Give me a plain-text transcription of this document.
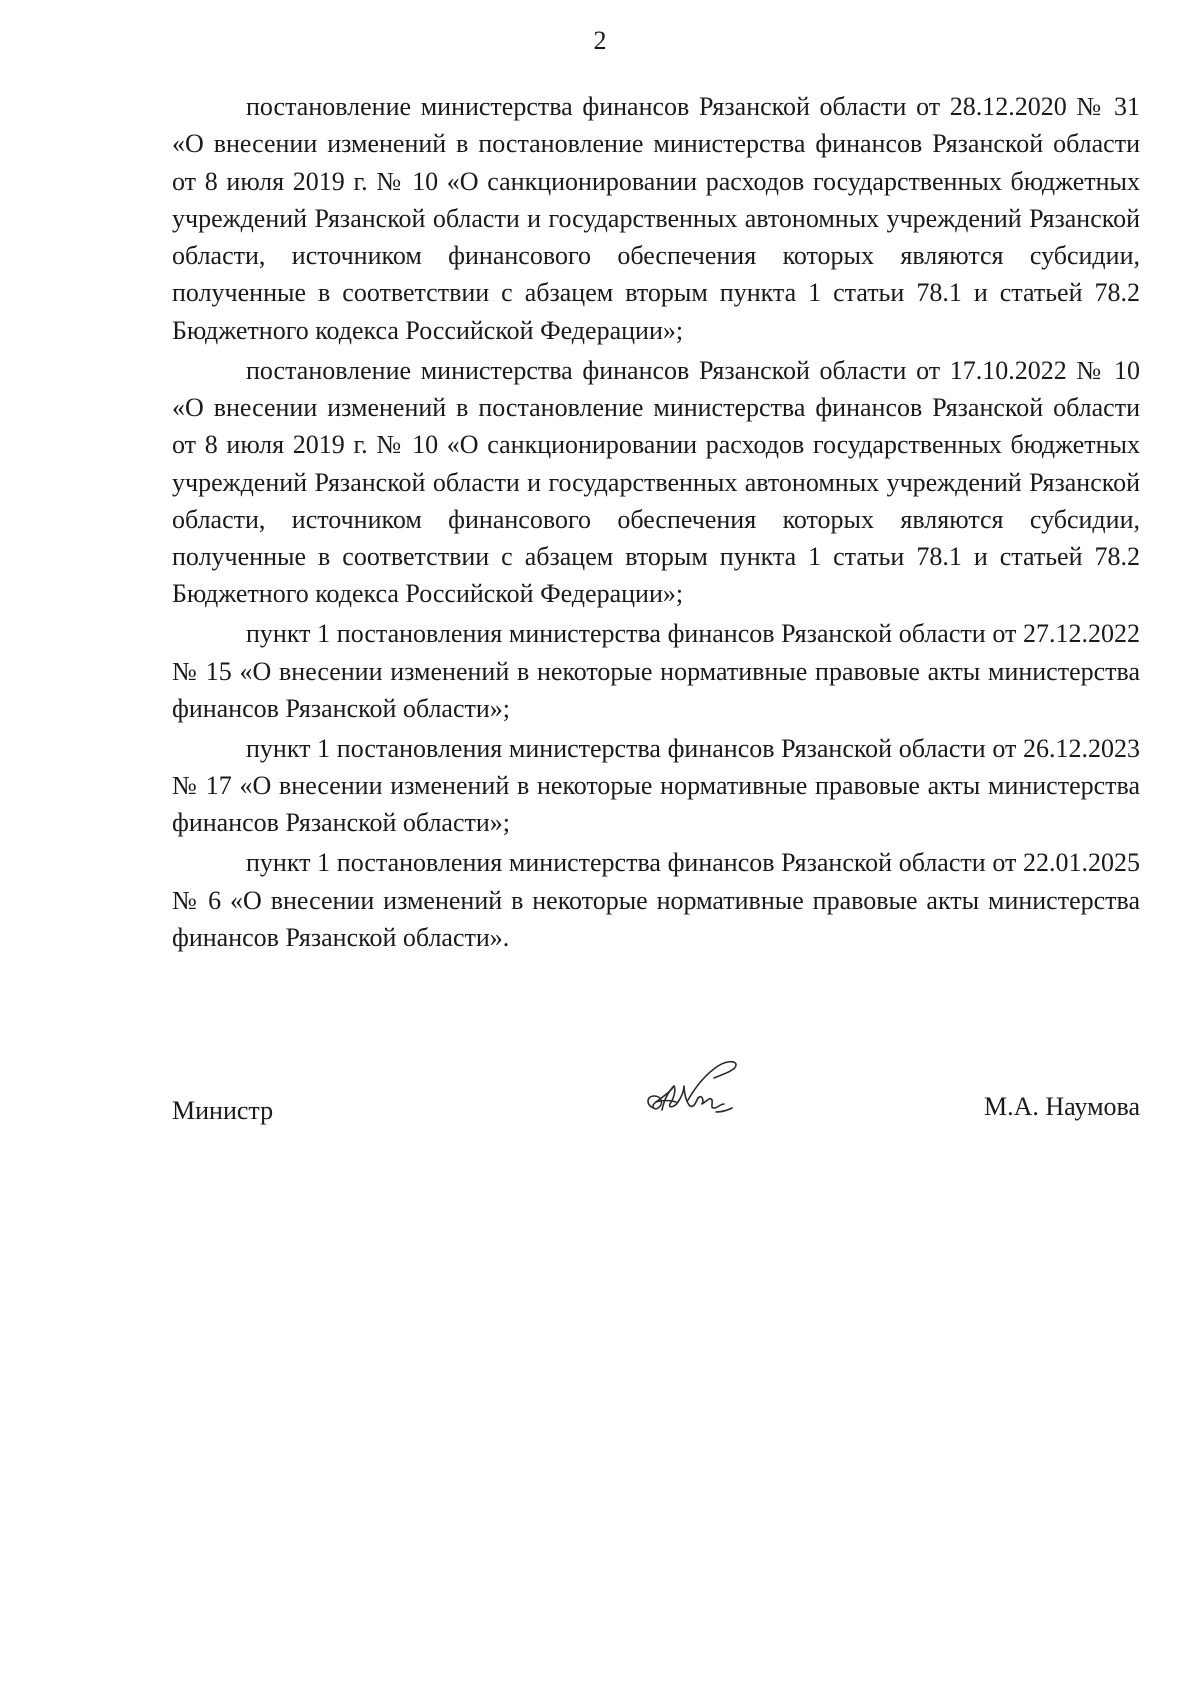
2

постановление министерства финансов Рязанской области от 28.12.2020 № 31 «О внесении изменений в постановление министерства финансов Рязанской области от 8 июля 2019 г. № 10 «О санкционировании расходов государственных бюджетных учреждений Рязанской области и государственных автономных учреждений Рязанской области, источником финансового обеспечения которых являются субсидии, полученные в соответствии с абзацем вторым пункта 1 статьи 78.1 и статьей 78.2 Бюджетного кодекса Российской Федерации»;

постановление министерства финансов Рязанской области от 17.10.2022 № 10 «О внесении изменений в постановление министерства финансов Рязанской области от 8 июля 2019 г. № 10 «О санкционировании расходов государственных бюджетных учреждений Рязанской области и государственных автономных учреждений Рязанской области, источником финансового обеспечения которых являются субсидии, полученные в соответствии с абзацем вторым пункта 1 статьи 78.1 и статьей 78.2 Бюджетного кодекса Российской Федерации»;

пункт 1 постановления министерства финансов Рязанской области от 27.12.2022 № 15 «О внесении изменений в некоторые нормативные правовые акты министерства финансов Рязанской области»;

пункт 1 постановления министерства финансов Рязанской области от 26.12.2023 № 17 «О внесении изменений в некоторые нормативные правовые акты министерства финансов Рязанской области»;

пункт 1 постановления министерства финансов Рязанской области от 22.01.2025 № 6 «О внесении изменений в некоторые нормативные правовые акты министерства финансов Рязанской области».

Министр	М.А. Наумова
